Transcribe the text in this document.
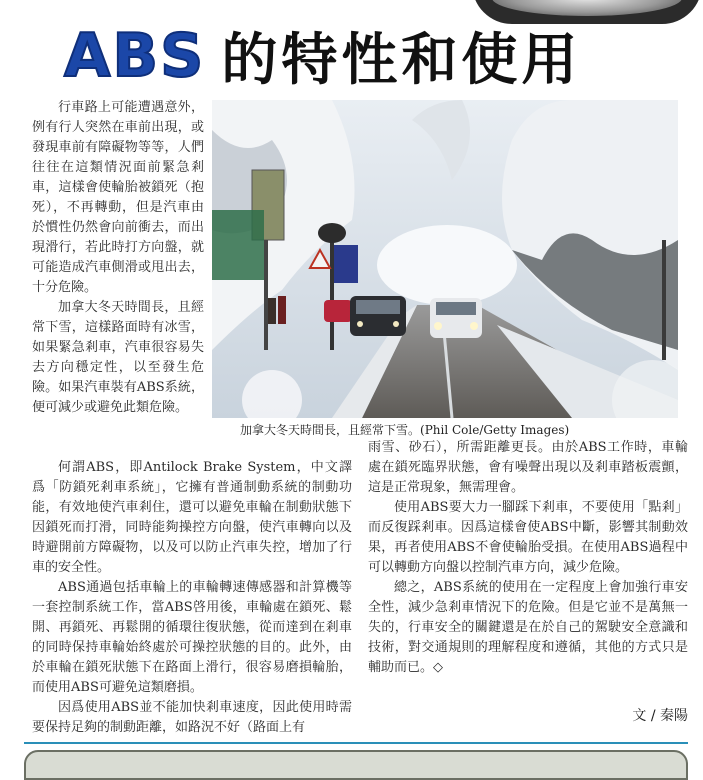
ABS 的特性和使用

行車路上可能遭遇意外，例有行人突然在車前出現，或發現車前有障礙物等等，人們往往在這類情況面前緊急剎車，這樣會使輪胎被鎖死（抱死），不再轉動，但是汽車由於慣性仍然會向前衝去，而出現滑行，若此時打方向盤，就可能造成汽車側滑或甩出去，十分危險。

加拿大冬天時間長，且經常下雪，這樣路面時有冰雪，如果緊急剎車，汽車很容易失去方向穩定性，以至發生危險。如果汽車裝有ABS系統，便可減少或避免此類危險。

加拿大冬天時間長，且經常下雪。(Phil Cole/Getty Images)

何謂ABS，即Antilock Brake System，中文譯爲「防鎖死剎車系統」，它擁有普通制動系統的制動功能，有效地使汽車剎住，還可以避免車輪在制動狀態下因鎖死而打滑，同時能夠操控方向盤，使汽車轉向以及時避開前方障礙物，以及可以防止汽車失控，增加了行車的安全性。

ABS通過包括車輪上的車輪轉速傳感器和計算機等一套控制系統工作，當ABS啓用後，車輪處在鎖死、鬆開、再鎖死、再鬆開的循環往復狀態，從而達到在剎車的同時保持車輪始終處於可操控狀態的目的。此外，由於車輪在鎖死狀態下在路面上滑行，很容易磨損輪胎，而使用ABS可避免這類磨損。

因爲使用ABS並不能加快剎車速度，因此使用時需要保持足夠的制動距離，如路況不好（路面上有

雨雪、砂石），所需距離更長。由於ABS工作時，車輪處在鎖死臨界狀態，會有噪聲出現以及剎車踏板震顫，這是正常現象，無需理會。

使用ABS要大力一腳踩下剎車，不要使用「點剎」而反復踩剎車。因爲這樣會使ABS中斷，影響其制動效果，再者使用ABS不會使輪胎受損。在使用ABS過程中可以轉動方向盤以控制汽車方向，減少危險。

總之，ABS系統的使用在一定程度上會加強行車安全性，減少急剎車情況下的危險。但是它並不是萬無一失的，行車安全的關鍵還是在於自己的駕駛安全意識和技術，對交通規則的理解程度和遵循，其他的方式只是輔助而已。◇

文 / 秦陽
